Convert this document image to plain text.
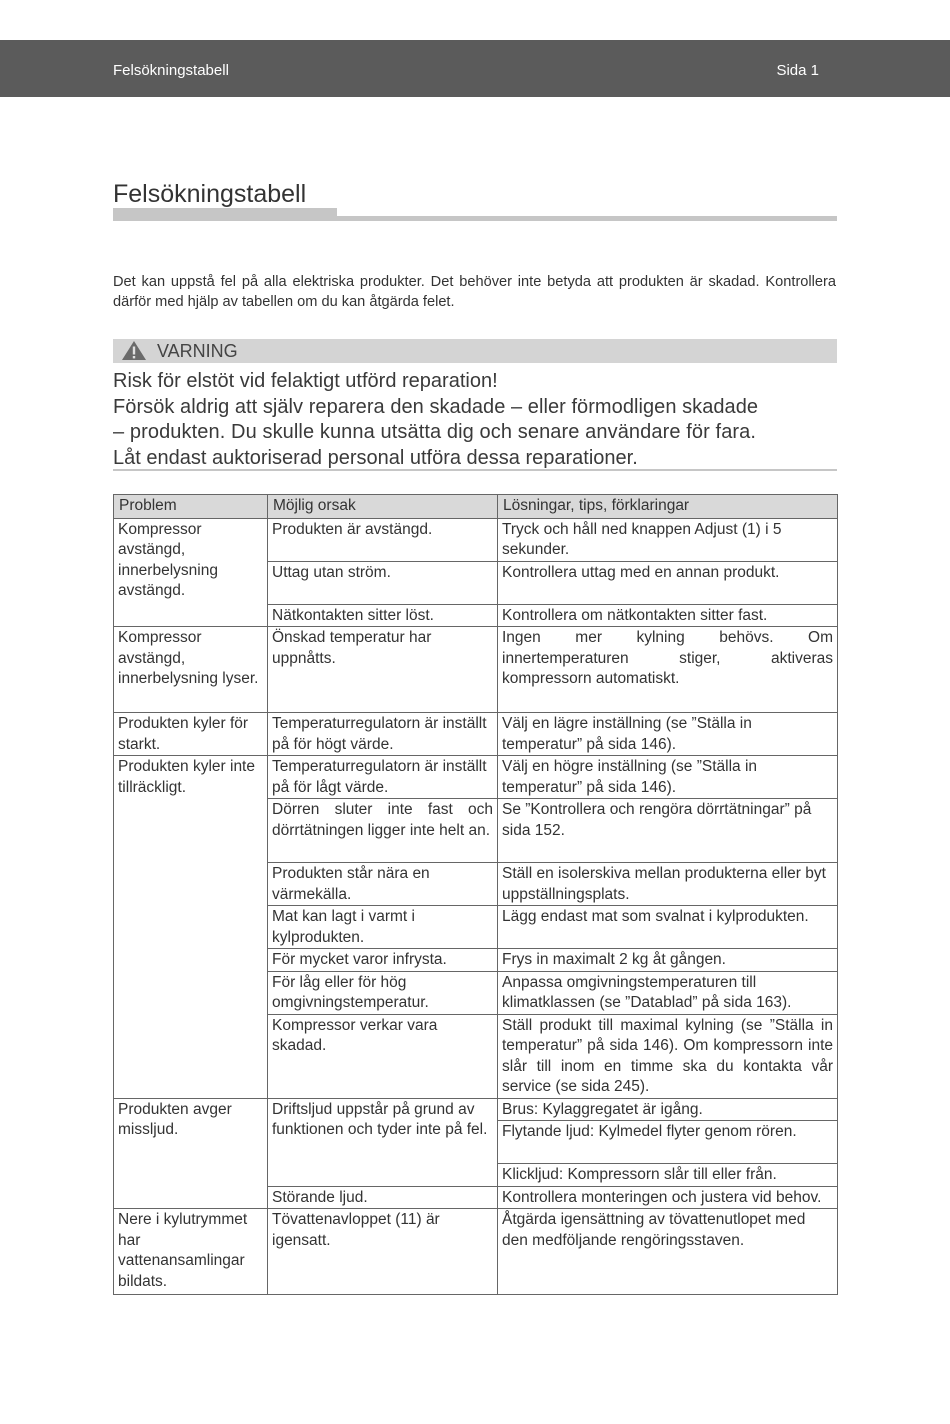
Felsökningstabell	Sida 1
Felsökningstabell
Det kan uppstå fel på alla elektriska produkter. Det behöver inte betyda att produkten är skadad. Kontrollera därför med hjälp av tabellen om du kan åtgärda felet.
VARNING
Risk för elstöt vid felaktigt utförd reparation!
Försök aldrig att själv reparera den skadade – eller förmodligen skadade
– produkten. Du skulle kunna utsätta dig och senare användare för fara.
Låt endast auktoriserad personal utföra dessa reparationer.
Problem	Möjlig orsak	Lösningar, tips, förklaringar
Kompressor avstängd, innerbelysning avstängd.	Produkten är avstängd.	Tryck och håll ned knappen Adjust (1) i 5 sekunder.
	Uttag utan ström.	Kontrollera uttag med en annan produkt.
	Nätkontakten sitter löst.	Kontrollera om nätkontakten sitter fast.
Kompressor avstängd, innerbelysning lyser.	Önskad temperatur har uppnåtts.	Ingen mer kylning behövs. Om innertemperaturen stiger, aktiveras kompressorn automatiskt.
Produkten kyler för starkt.	Temperaturregulatorn är inställt på för högt värde.	Välj en lägre inställning (se ”Ställa in temperatur” på sida 146).
Produkten kyler inte tillräckligt.	Temperaturregulatorn är inställt på för lågt värde.	Välj en högre inställning (se ”Ställa in temperatur” på sida 146).
	Dörren sluter inte fast och dörrtätningen ligger inte helt an.	Se ”Kontrollera och rengöra dörrtätningar” på sida 152.
	Produkten står nära en värmekälla.	Ställ en isolerskiva mellan produkterna eller byt uppställningsplats.
	Mat kan lagt i varmt i kylprodukten.	Lägg endast mat som svalnat i kylprodukten.
	För mycket varor infrysta.	Frys in maximalt 2 kg åt gången.
	För låg eller för hög omgivningstemperatur.	Anpassa omgivningstemperaturen till klimatklassen (se ”Datablad” på sida 163).
	Kompressor verkar vara skadad.	Ställ produkt till maximal kylning (se ”Ställa in temperatur” på sida 146). Om kompressorn inte slår till inom en timme ska du kontakta vår service (se sida 245).
Produkten avger missljud.	Driftsljud uppstår på grund av funktionen och tyder inte på fel.	Brus: Kylaggregatet är igång.
		Flytande ljud: Kylmedel flyter genom rören.
		Klickljud: Kompressorn slår till eller från.
	Störande ljud.	Kontrollera monteringen och justera vid behov.
Nere i kylutrymmet har vattenansamlingar bildats.	Tövattenavloppet (11) är igensatt.	Åtgärda igensättning av tövattenutlopet med den medföljande rengöringsstaven.
